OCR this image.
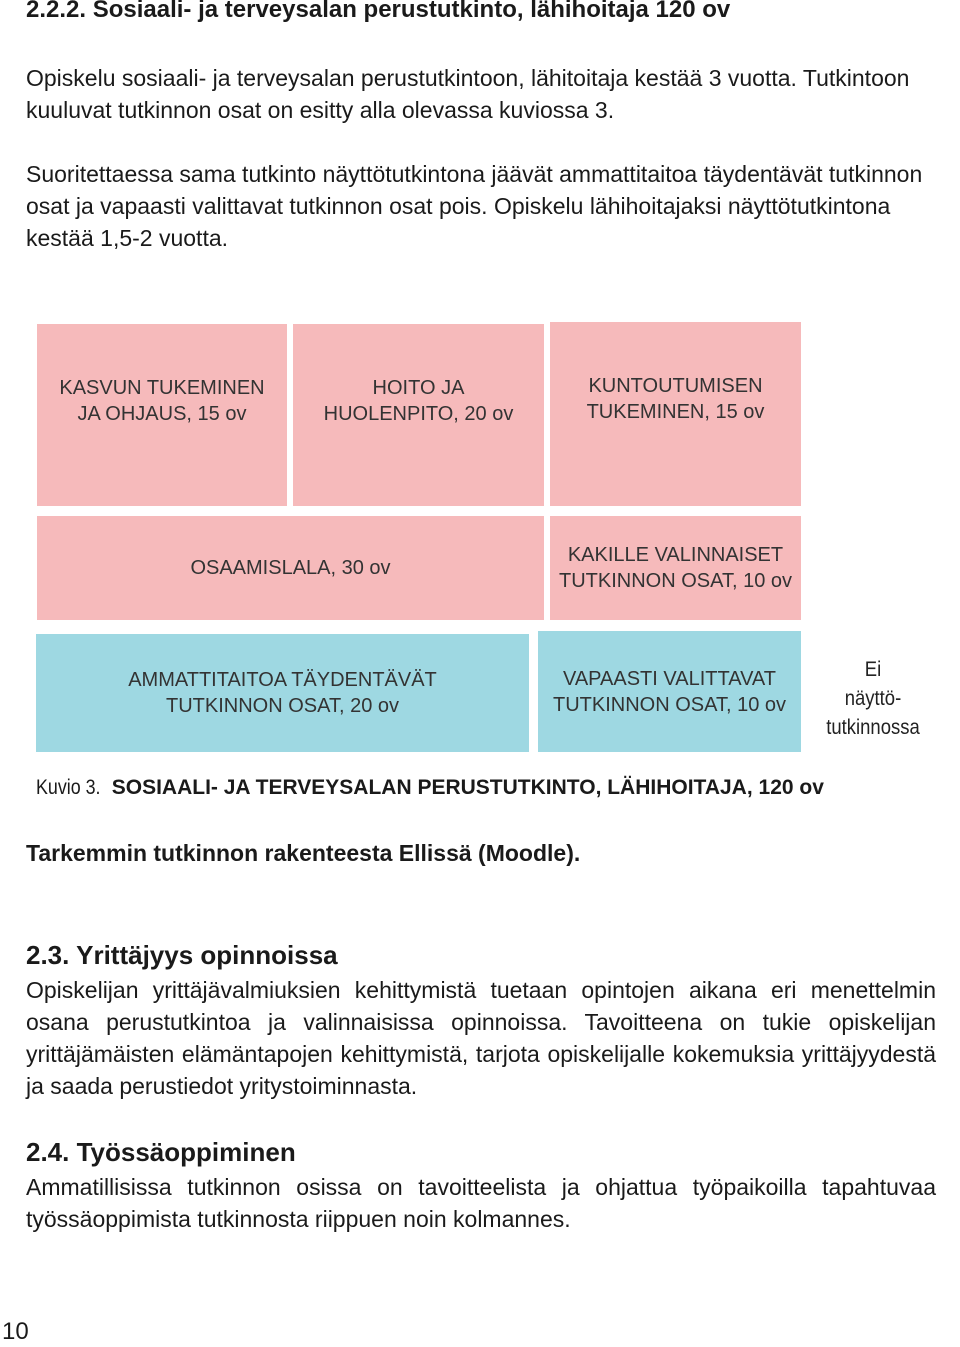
2.2.2. Sosiaali- ja terveysalan perustutkinto, lähihoitaja 120 ov
Opiskelu sosiaali- ja terveysalan perustutkintoon, lähitoitaja kestää 3 vuotta. Tutkintoon kuuluvat tutkinnon osat on esitty alla olevassa kuviossa 3.
Suoritettaessa sama tutkinto näyttötutkintona jäävät ammattitaitoa täydentävät tutkinnon osat ja vapaasti valittavat tutkinnon osat pois. Opiskelu lähihoitajaksi näyttötutkintona kestää 1,5-2 vuotta.
KASVUN TUKEMINEN
JA OHJAUS, 15 ov
HOITO JA
HUOLENPITO, 20 ov
KUNTOUTUMISEN
TUKEMINEN, 15 ov
OSAAMISLALA, 30 ov
KAKILLE VALINNAISET
TUTKINNON OSAT, 10 ov
AMMATTITAITOA TÄYDENTÄVÄT
TUTKINNON OSAT, 20 ov
VAPAASTI VALITTAVAT
TUTKINNON OSAT, 10 ov
Ei
näyttö-
tutkinnossa
Kuvio 3. SOSIAALI- JA TERVEYSALAN PERUSTUTKINTO, LÄHIHOITAJA, 120 ov
Tarkemmin tutkinnon rakenteesta Ellissä (Moodle).
2.3. Yrittäjyys opinnoissa
Opiskelijan yrittäjävalmiuksien kehittymistä tuetaan opintojen aikana eri menettelmin osana perustutkintoa ja valinnaisissa opinnoissa. Tavoitteena on tukie opiskelijan yrittäjämäisten elämäntapojen kehittymistä, tarjota opiskelijalle kokemuksia yrittäjyydestä ja saada perustiedot yritystoiminnasta.
2.4. Työssäoppiminen
Ammatillisissa tutkinnon osissa on tavoitteelista ja ohjattua työpaikoilla tapahtuvaa työssäoppimista tutkinnosta riippuen noin kolmannes.
10
